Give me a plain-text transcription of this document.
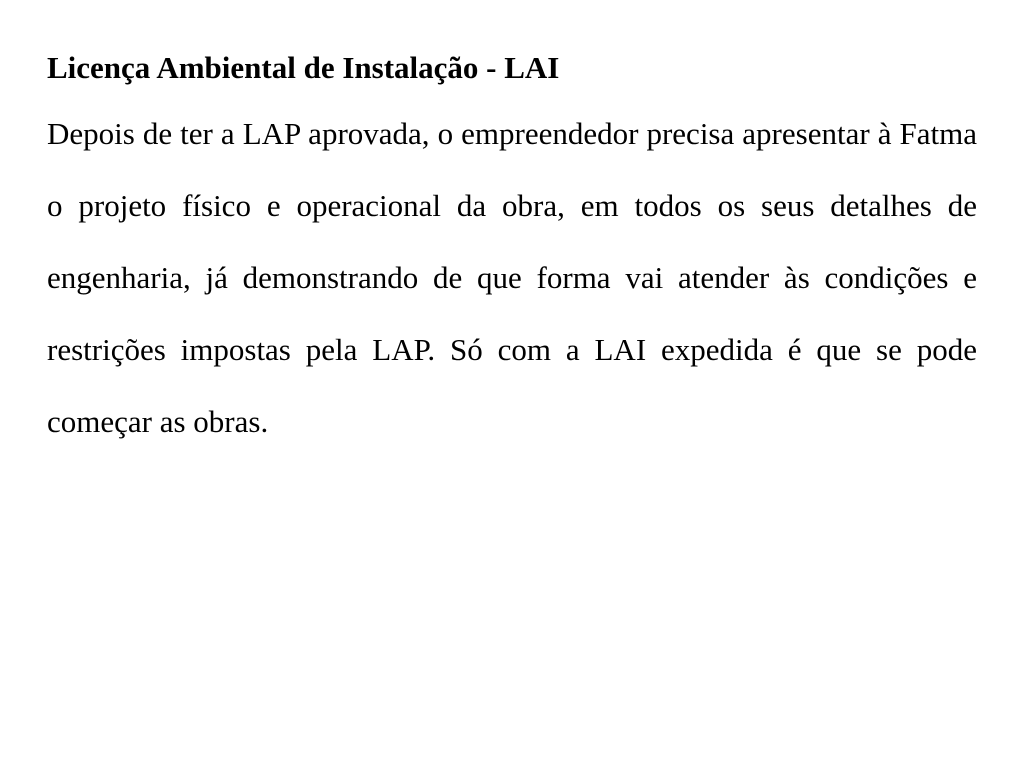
Licença Ambiental de Instalação - LAI

Depois de ter a LAP aprovada, o empreendedor precisa apresentar à Fatma o projeto físico e operacional da obra, em todos os seus detalhes de engenharia, já demonstrando de que forma vai atender às condições e restrições impostas pela LAP. Só com a LAI expedida é que se pode começar as obras.
